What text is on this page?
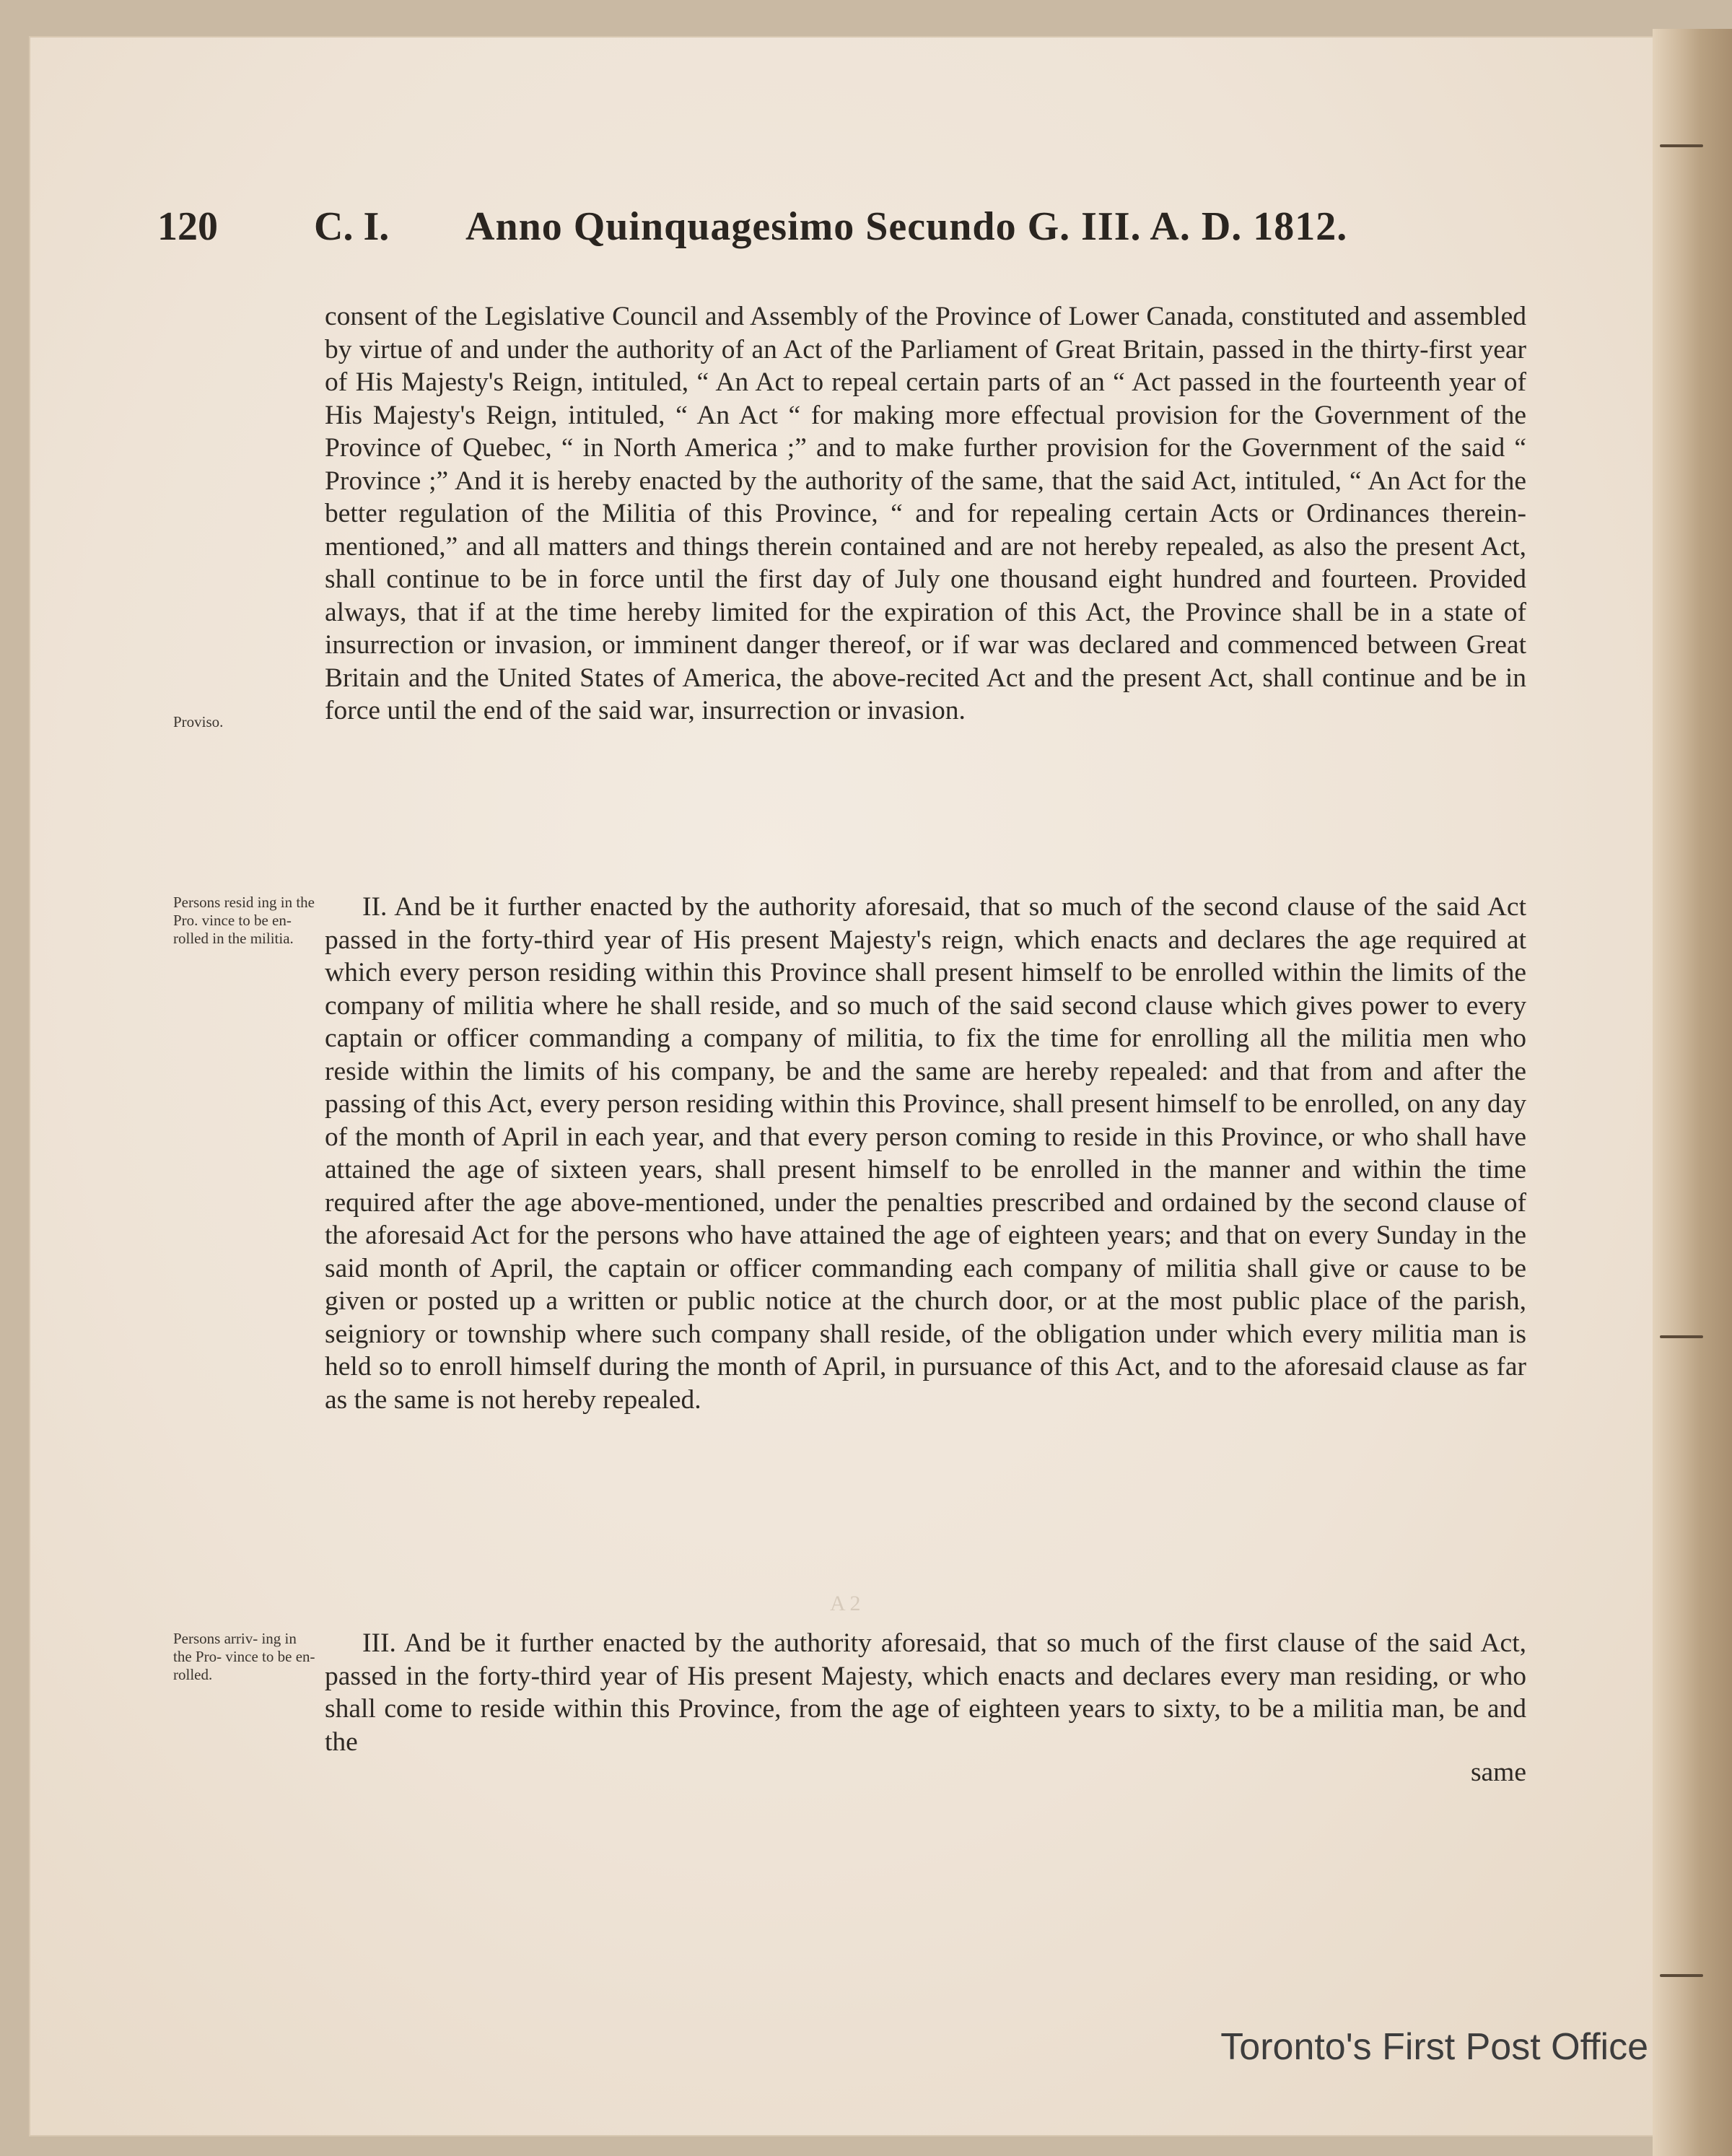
120 C. I. Anno Quinquagesimo Secundo G. III. A. D. 1812.
Proviso.
Persons resid ing in the Pro. vince to be en- rolled in the militia.
Persons arriv- ing in the Pro- vince to be en- rolled.

consent of the Legislative Council and Assembly of the Province of Lower Canada, constituted and assembled by virtue of and under the authority of an Act of the Parliament of Great Britain, passed in the thirty-first year of His Majesty's Reign, intituled, “ An Act to repeal certain parts of an “ Act passed in the fourteenth year of His Majesty's Reign, intituled, “ An Act “ for making more effectual provision for the Government of the Province of Quebec, “ in North America ;” and to make further provision for the Government of the said “ Province ;” And it is hereby enacted by the authority of the same, that the said Act, intituled, “ An Act for the better regulation of the Militia of this Province, “ and for repealing certain Acts or Ordinances therein-mentioned,” and all matters and things therein contained and are not hereby repealed, as also the present Act, shall continue to be in force until the first day of July one thousand eight hundred and fourteen. Provided always, that if at the time hereby limited for the expiration of this Act, the Province shall be in a state of insurrection or invasion, or imminent danger thereof, or if war was declared and commenced between Great Britain and the United States of America, the above-recited Act and the present Act, shall continue and be in force until the end of the said war, insurrection or invasion.

II. And be it further enacted by the authority aforesaid, that so much of the second clause of the said Act passed in the forty-third year of His present Majesty's reign, which enacts and declares the age required at which every person residing within this Province shall present himself to be enrolled within the limits of the company of militia where he shall reside, and so much of the said second clause which gives power to every captain or officer commanding a company of militia, to fix the time for enrolling all the militia men who reside within the limits of his company, be and the same are hereby repealed: and that from and after the passing of this Act, every person residing within this Province, shall present himself to be enrolled, on any day of the month of April in each year, and that every person coming to reside in this Province, or who shall have attained the age of sixteen years, shall present himself to be enrolled in the manner and within the time required after the age above-mentioned, under the penalties prescribed and ordained by the second clause of the aforesaid Act for the persons who have attained the age of eighteen years; and that on every Sunday in the said month of April, the captain or officer commanding each company of militia shall give or cause to be given or posted up a written or public notice at the church door, or at the most public place of the parish, seigniory or township where such company shall reside, of the obligation under which every militia man is held so to enroll himself during the month of April, in pursuance of this Act, and to the aforesaid clause as far as the same is not hereby repealed.

III. And be it further enacted by the authority aforesaid, that so much of the first clause of the said Act, passed in the forty-third year of His present Majesty, which enacts and declares every man residing, or who shall come to reside within this Province, from the age of eighteen years to sixty, to be a militia man, be and the

same
A 2
Toronto's First Post Office
